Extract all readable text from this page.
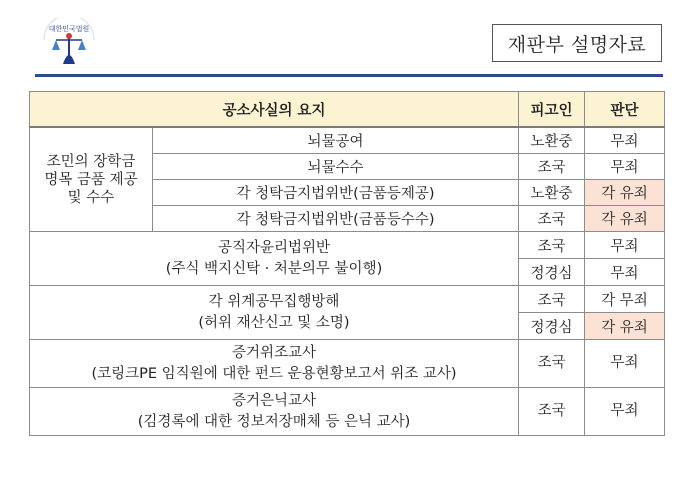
대한민국법원
재판부 설명자료
공소사실의 요지		피고인	판단

조민의 장학금
명목 금품 제공
및 수수	뇌물공여	노환중	무죄
	뇌물수수	조국	무죄
	각 청탁금지법위반(금품등제공)	노환중	각 유죄
	각 청탁금지법위반(금품등수수)	조국	각 유죄

공직자윤리법위반
(주식 백지신탁 · 처분의무 불이행)		조국	무죄
		정경심	무죄

각 위계공무집행방해
(허위 재산신고 및 소명)		조국	각 무죄
		정경심	각 유죄

증거위조교사
(코링크PE 임직원에 대한 펀드 운용현황보고서 위조 교사)		조국	무죄

증거은닉교사
(김경록에 대한 정보저장매체 등 은닉 교사)		조국	무죄
